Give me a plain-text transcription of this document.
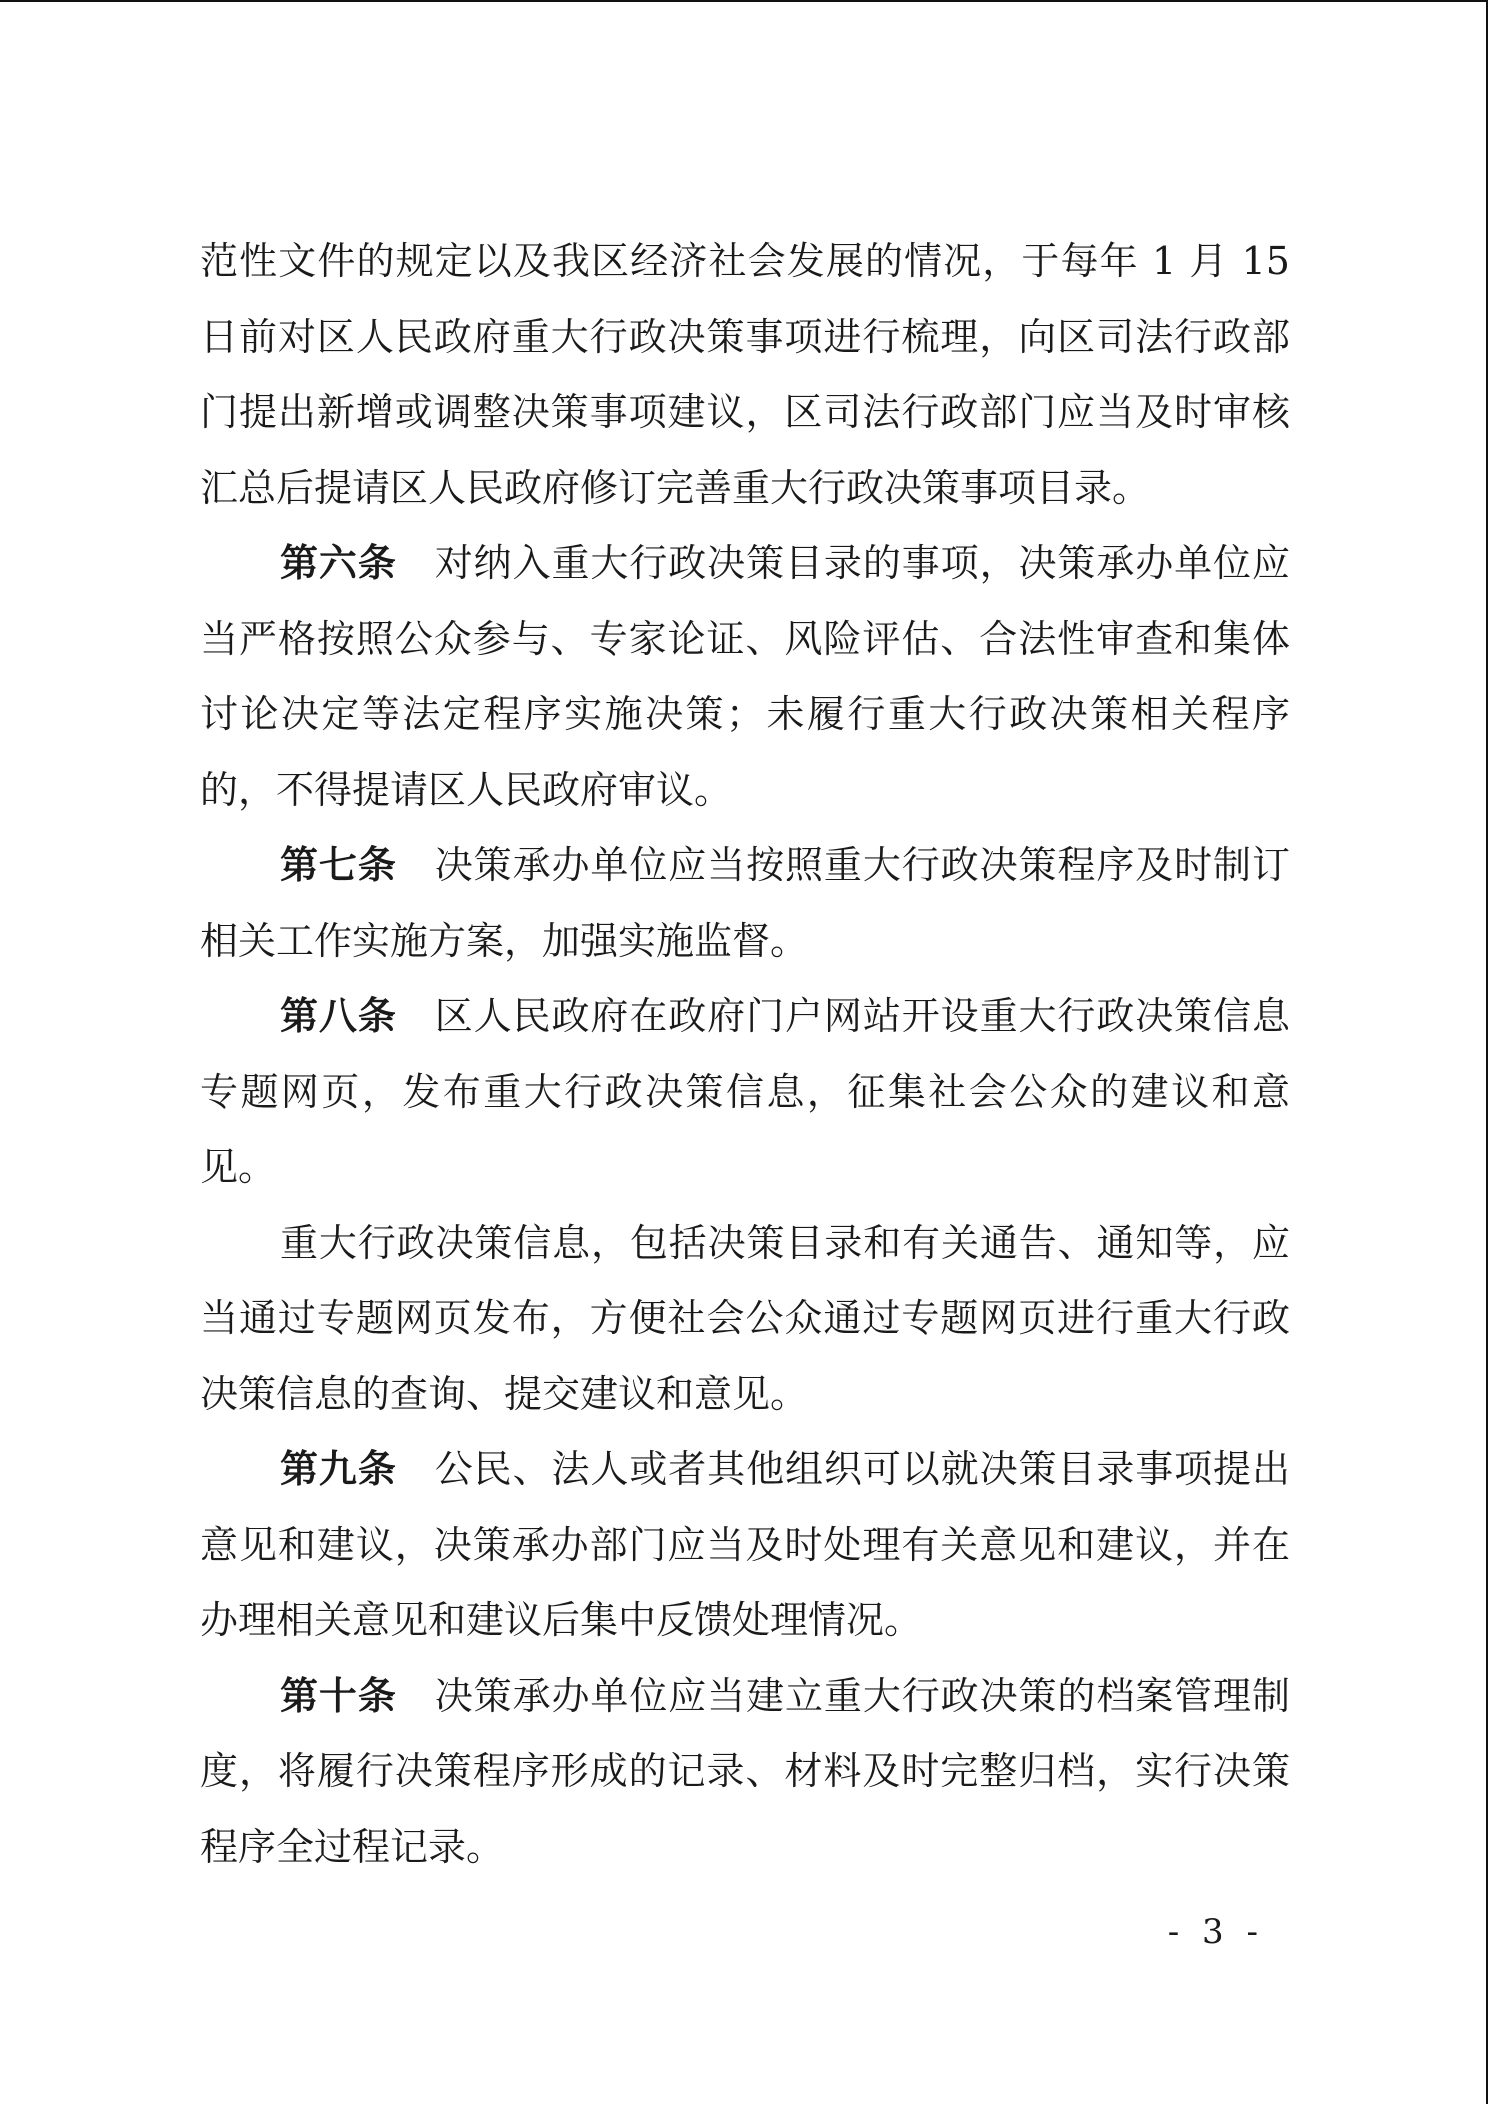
范性文件的规定以及我区经济社会发展的情况，于每年 1 月 15 日前对区人民政府重大行政决策事项进行梳理，向区司法行政部门提出新增或调整决策事项建议，区司法行政部门应当及时审核汇总后提请区人民政府修订完善重大行政决策事项目录。

第六条 对纳入重大行政决策目录的事项，决策承办单位应当严格按照公众参与、专家论证、风险评估、合法性审查和集体讨论决定等法定程序实施决策；未履行重大行政决策相关程序的，不得提请区人民政府审议。

第七条 决策承办单位应当按照重大行政决策程序及时制订相关工作实施方案，加强实施监督。

第八条 区人民政府在政府门户网站开设重大行政决策信息专题网页，发布重大行政决策信息，征集社会公众的建议和意见。

重大行政决策信息，包括决策目录和有关通告、通知等，应当通过专题网页发布，方便社会公众通过专题网页进行重大行政决策信息的查询、提交建议和意见。

第九条 公民、法人或者其他组织可以就决策目录事项提出意见和建议，决策承办部门应当及时处理有关意见和建议，并在办理相关意见和建议后集中反馈处理情况。

第十条 决策承办单位应当建立重大行政决策的档案管理制度，将履行决策程序形成的记录、材料及时完整归档，实行决策程序全过程记录。

- 3 -
